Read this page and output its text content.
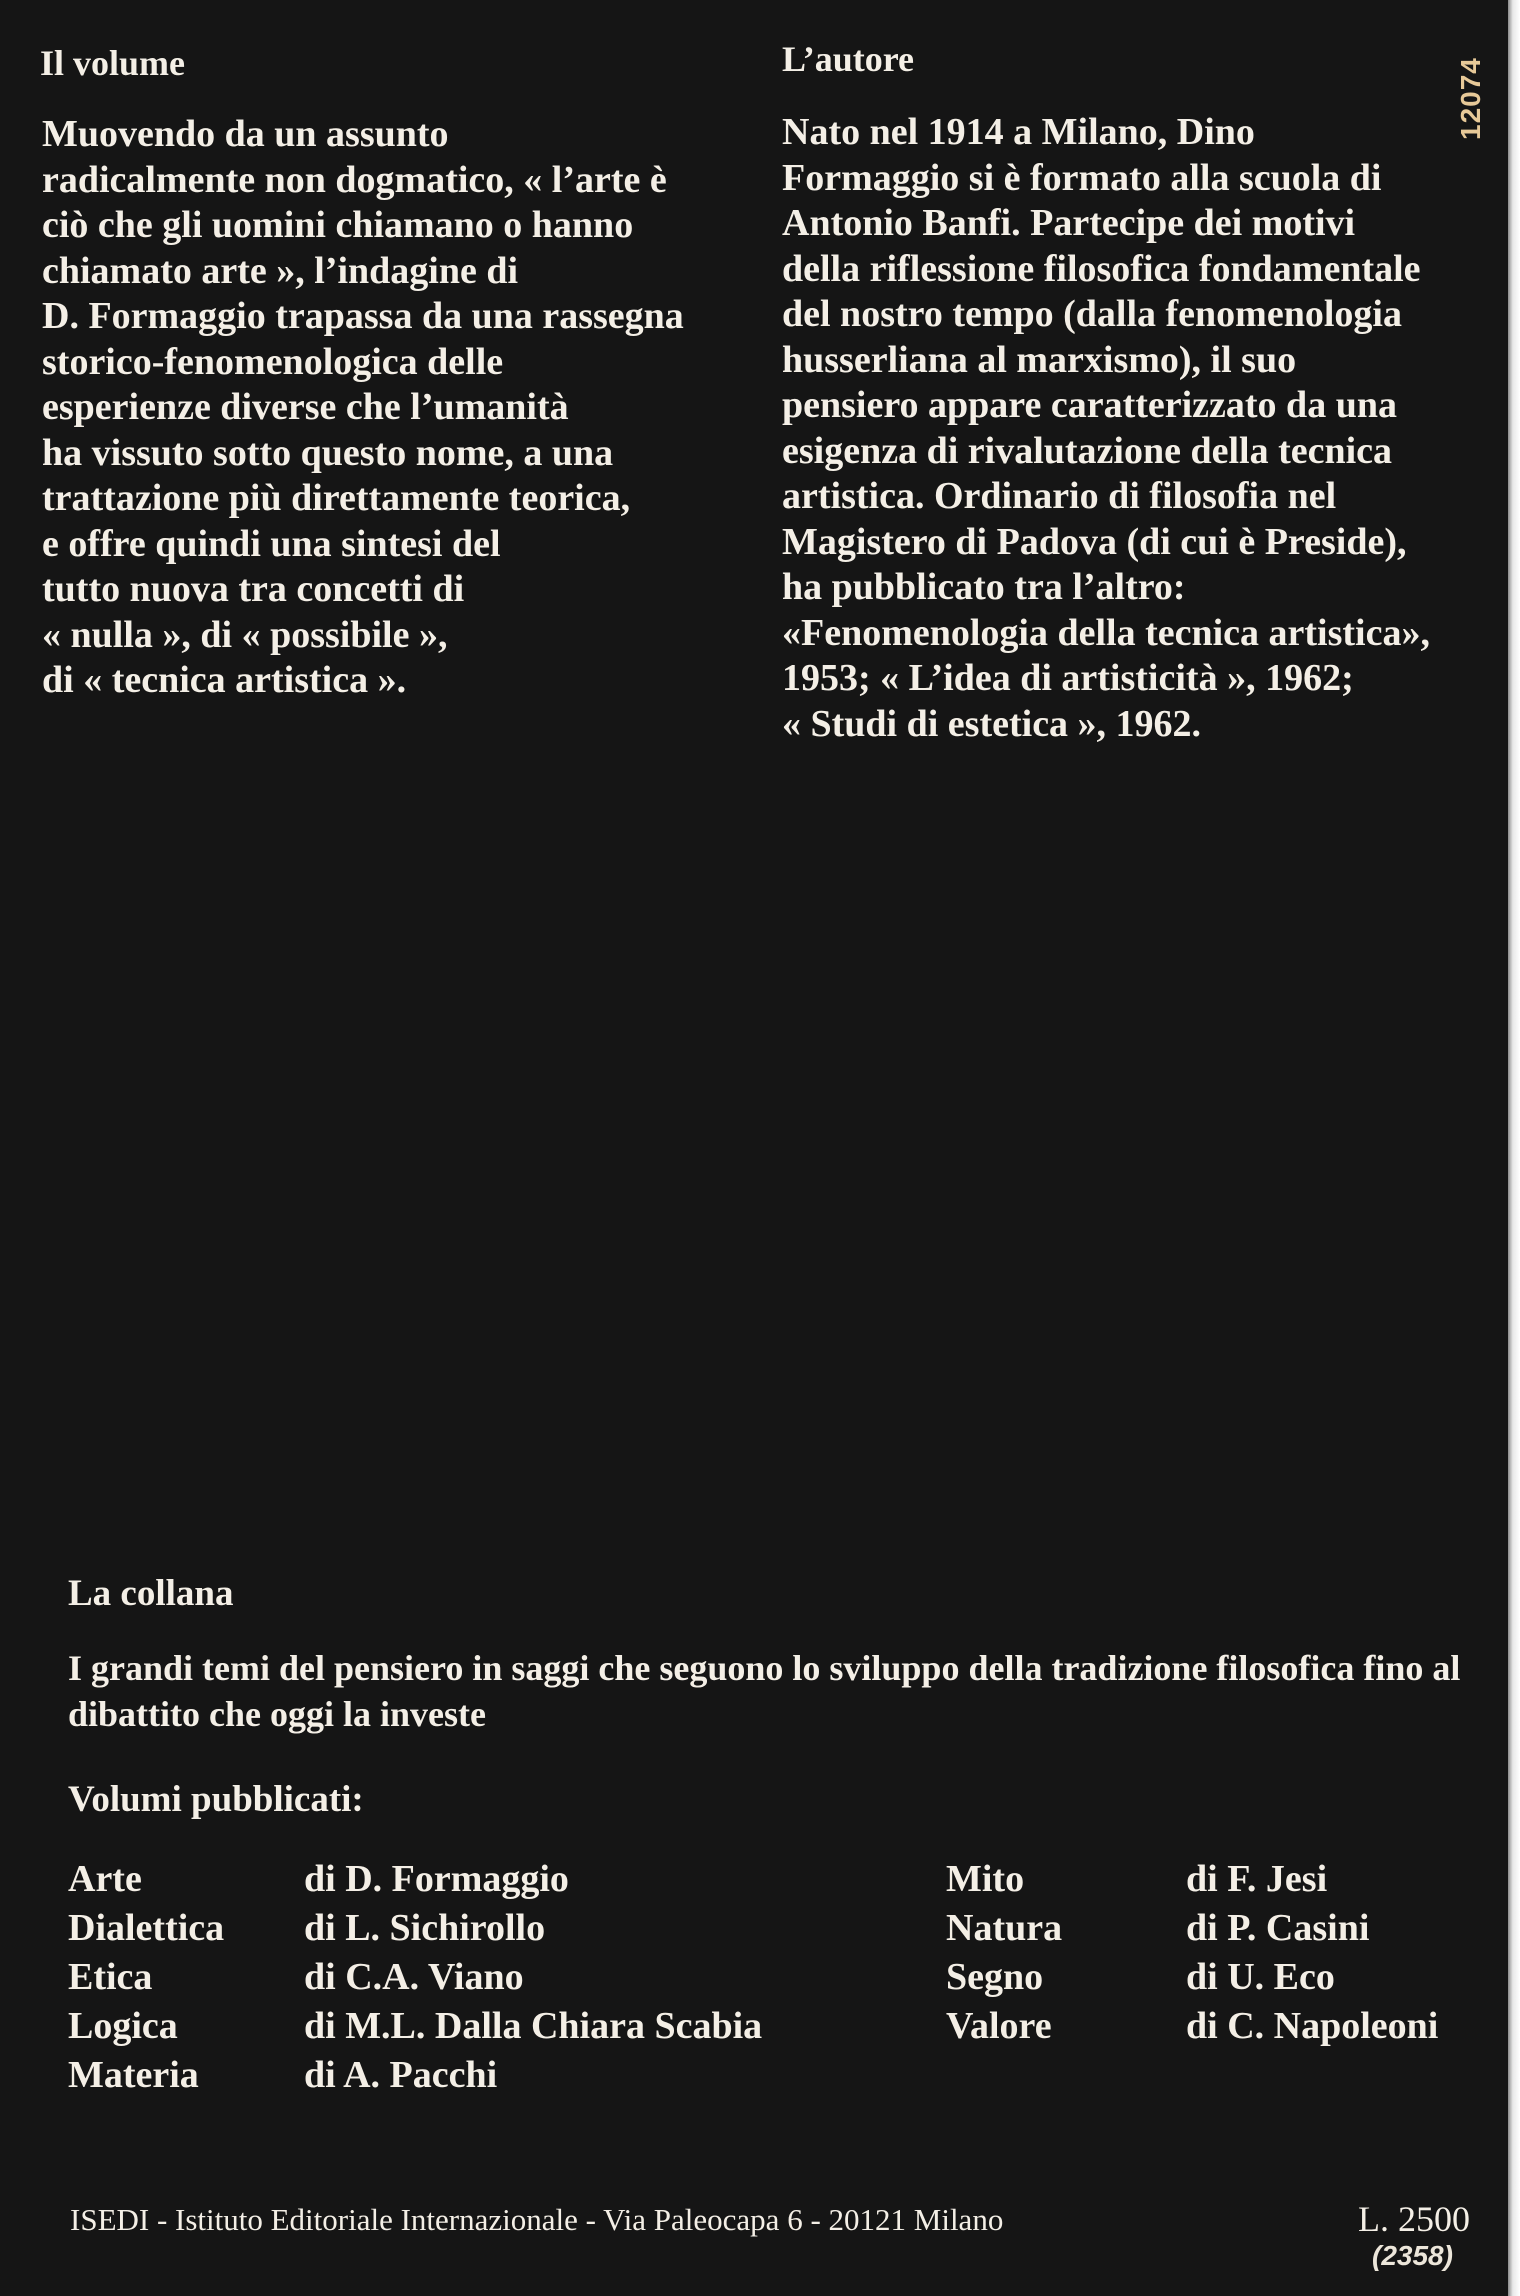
12074
Il volume
Muovendo da un assunto
radicalmente non dogmatico, « l’arte è
ciò che gli uomini chiamano o hanno
chiamato arte », l’indagine di
D. Formaggio trapassa da una rassegna
storico-fenomenologica delle
esperienze diverse che l’umanità
ha vissuto sotto questo nome, a una
trattazione più direttamente teorica,
e offre quindi una sintesi del
tutto nuova tra concetti di
« nulla », di « possibile »,
di « tecnica artistica ».
L’autore
Nato nel 1914 a Milano, Dino
Formaggio si è formato alla scuola di
Antonio Banfi. Partecipe dei motivi
della riflessione filosofica fondamentale
del nostro tempo (dalla fenomenologia
husserliana al marxismo), il suo
pensiero appare caratterizzato da una
esigenza di rivalutazione della tecnica
artistica. Ordinario di filosofia nel
Magistero di Padova (di cui è Preside),
ha pubblicato tra l’altro:
«Fenomenologia della tecnica artistica»,
1953; « L’idea di artisticità », 1962;
« Studi di estetica », 1962.
La collana

I grandi temi del pensiero in saggi che seguono lo sviluppo della tradizione filosofica fino al dibattito che oggi la investe

Volumi pubblicati:
Arte	di D. Formaggio
Dialettica di L. Sichirollo
Etica	di C.A. Viano
Logica	di M.L. Dalla Chiara Scabia
Materia	di A. Pacchi
Mito	di F. Jesi
Natura	di P. Casini
Segno	di U. Eco
Valore	di C. Napoleoni
ISEDI - Istituto Editoriale Internazionale - Via Paleocapa 6 - 20121 Milano	L. 2500
(2358)
